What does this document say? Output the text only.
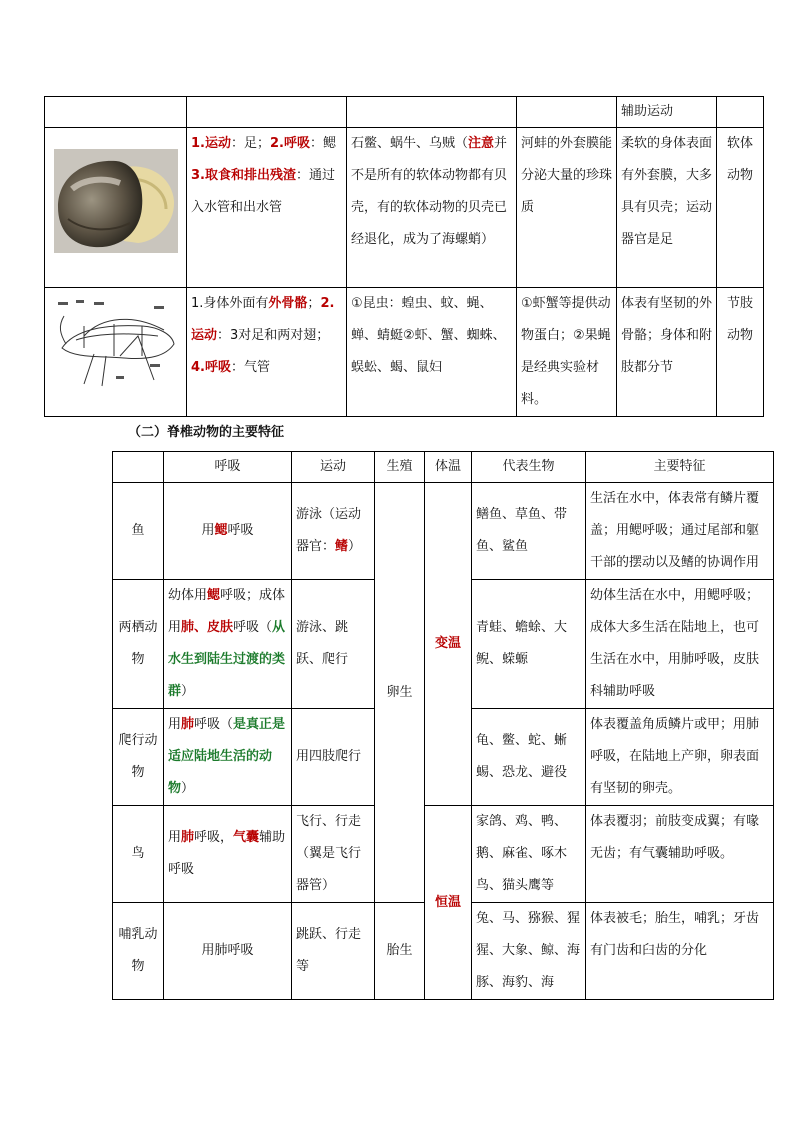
				辅助运动	
	1.运动：足；2.呼吸：鳃3.取食和排出残渣：通过入水管和出水管	石鳖、蜗牛、乌贼（注意并不是所有的软体动物都有贝壳，有的软体动物的贝壳已经退化，成为了海螺蛸）	河蚌的外套膜能分泌大量的珍珠质	柔软的身体表面有外套膜，大多具有贝壳；运动器官是足	软体动物
	1.身体外面有外骨骼；2.运动：3对足和两对翅；4.呼吸：气管	①昆虫：蝗虫、蚊、蝇、蝉、蜻蜓②虾、蟹、蜘蛛、蜈蚣、蝎、鼠妇	①虾蟹等提供动物蛋白；②果蝇是经典实验材料。	体表有坚韧的外骨骼；身体和附肢都分节	节肢动物
（二）脊椎动物的主要特征
	呼吸	运动	生殖	体温	代表生物	主要特征
鱼	用鳃呼吸	游泳（运动器官：鳍）	卵生	变温	鳝鱼、草鱼、带鱼、鲨鱼	生活在水中，体表常有鳞片覆盖；用鳃呼吸；通过尾部和躯干部的摆动以及鳍的协调作用
两栖动物	幼体用鳃呼吸；成体用肺、皮肤呼吸（从水生到陆生过渡的类群）	游泳、跳跃、爬行			青蛙、蟾蜍、大鲵、蝾螈	幼体生活在水中，用鳃呼吸；成体大多生活在陆地上，也可生活在水中，用肺呼吸，皮肤科辅助呼吸
爬行动物	用肺呼吸（是真正是适应陆地生活的动物）	用四肢爬行			龟、鳖、蛇、蜥蜴、恐龙、避役	体表覆盖角质鳞片或甲；用肺呼吸，在陆地上产卵，卵表面有坚韧的卵壳。
鸟	用肺呼吸，气囊辅助呼吸	飞行、行走（翼是飞行器管）		恒温	家鸽、鸡、鸭、鹅、麻雀、啄木鸟、猫头鹰等	体表覆羽；前肢变成翼；有喙无齿；有气囊辅助呼吸。
哺乳动物	用肺呼吸	跳跃、行走等	胎生		兔、马、猕猴、猩猩、大象、鲸、海豚、海豹、海	体表被毛；胎生，哺乳；牙齿有门齿和臼齿的分化
